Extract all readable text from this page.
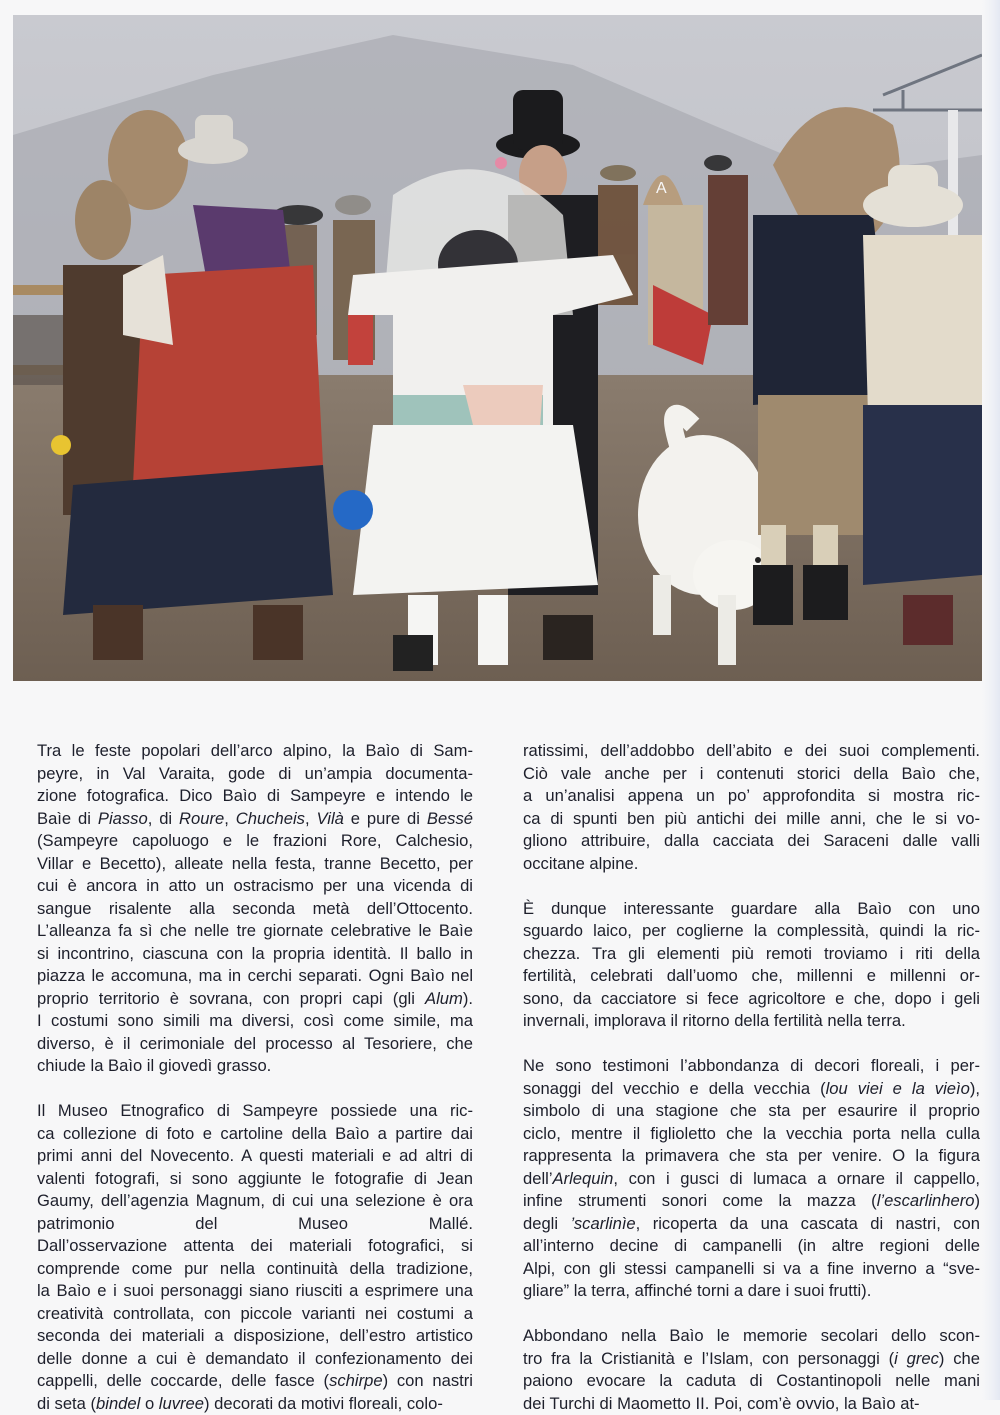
A
Tra le feste popolari dell’arco alpino, la Baìo di Sam-
peyre, in Val Varaita, gode di un’ampia documenta-
zione fotografica. Dico Baìo di Sampeyre e intendo le
Baìe di Piasso, di Roure, Chucheis, Vilà e pure di Bessé
(Sampeyre capoluogo e le frazioni Rore, Calchesio,
Villar e Becetto), alleate nella festa, tranne Becetto, per
cui è ancora in atto un ostracismo per una vicenda di
sangue risalente alla seconda metà dell’Ottocento.
L’alleanza fa sì che nelle tre giornate celebrative le Baìe
si incontrino, ciascuna con la propria identità. Il ballo in
piazza le accomuna, ma in cerchi separati. Ogni Baìo nel
proprio territorio è sovrana, con propri capi (gli Alum).
I costumi sono simili ma diversi, così come simile, ma
diverso, è il cerimoniale del processo al Tesoriere, che
chiude la Baìo il giovedì grasso.
Il Museo Etnografico di Sampeyre possiede una ric-
ca collezione di foto e cartoline della Baìo a partire dai
primi anni del Novecento. A questi materiali e ad altri di
valenti fotografi, si sono aggiunte le fotografie di Jean
Gaumy, dell’agenzia Magnum, di cui una selezione è ora
patrimonio del Museo Mallé.
Dall’osservazione attenta dei materiali fotografici, si
comprende come pur nella continuità della tradizione,
la Baìo e i suoi personaggi siano riusciti a esprimere una
creatività controllata, con piccole varianti nei costumi a
seconda dei materiali a disposizione, dell’estro artistico
delle donne a cui è demandato il confezionamento dei
cappelli, delle coccarde, delle fasce (schirpe) con nastri
di seta (bindel o luvree) decorati da motivi floreali, colo-
ratissimi, dell’addobbo dell’abito e dei suoi complementi.
Ciò vale anche per i contenuti storici della Baìo che,
a un’analisi appena un po’ approfondita si mostra ric-
ca di spunti ben più antichi dei mille anni, che le si vo-
gliono attribuire, dalla cacciata dei Saraceni dalle valli
occitane alpine.
È dunque interessante guardare alla Baìo con uno
sguardo laico, per coglierne la complessità, quindi la ric-
chezza. Tra gli elementi più remoti troviamo i riti della
fertilità, celebrati dall’uomo che, millenni e millenni or-
sono, da cacciatore si fece agricoltore e che, dopo i geli
invernali, implorava il ritorno della fertilità nella terra.
Ne sono testimoni l’abbondanza di decori floreali, i per-
sonaggi del vecchio e della vecchia (lou viei e la vieìo),
simbolo di una stagione che sta per esaurire il proprio
ciclo, mentre il figlioletto che la vecchia porta nella culla
rappresenta la primavera che sta per venire. O la figura
dell’Arlequin, con i gusci di lumaca a ornare il cappello,
infine strumenti sonori come la mazza (l’escarlinhero)
degli ’scarlinìe, ricoperta da una cascata di nastri, con
all’interno decine di campanelli (in altre regioni delle
Alpi, con gli stessi campanelli si va a fine inverno a “sve-
gliare” la terra, affinché torni a dare i suoi frutti).
Abbondano nella Baìo le memorie secolari dello scon-
tro fra la Cristianità e l’Islam, con personaggi (i grec) che
paiono evocare la caduta di Costantinopoli nelle mani
dei Turchi di Maometto II. Poi, com’è ovvio, la Baìo at-
